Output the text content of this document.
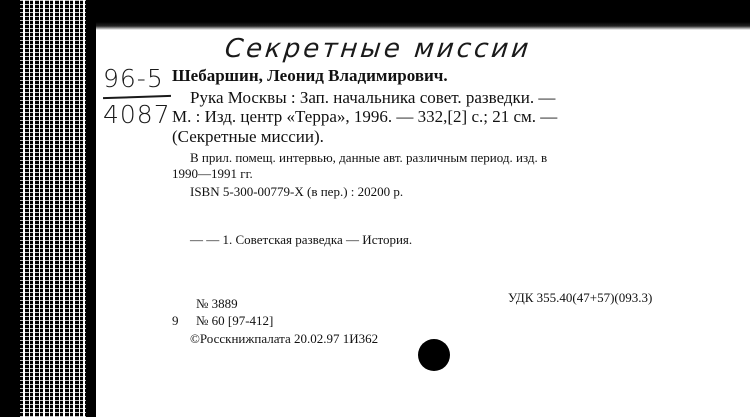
Секретные миссии
96-5
4087
Шебаршин, Леонид Владимирович.
Рука Москвы : Зап. начальника совет. разведки. —
М. : Изд. центр «Терра», 1996. — 332,[2] с.; 21 см. —
(Секретные миссии).
В прил. помещ. интервью, данные авт. различным период. изд. в
1990—1991 гг.
ISBN 5-300-00779-X (в пер.) : 20200 р.
— — 1. Советская разведка — История.
№ 3889	УДК 355.40(47+57)(093.3)
9 № 60 [97-412]
©Росскнижпалата 20.02.97 1И362
